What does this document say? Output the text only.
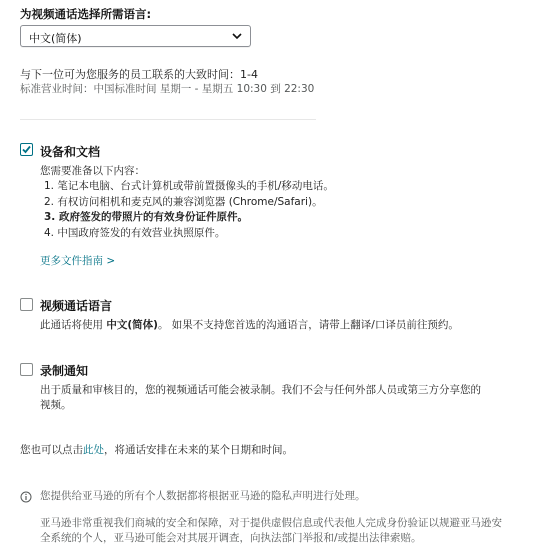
为视频通话选择所需语言:
中文(简体)
与下一位可为您服务的员工联系的大致时间：1-4
标准营业时间：中国标准时间 星期一 - 星期五 10:30 到 22:30
设备和文档
您需要准备以下内容：
1. 笔记本电脑、台式计算机或带前置摄像头的手机/移动电话。
2. 有权访问相机和麦克风的兼容浏览器 (Chrome/Safari)。
3. 政府签发的带照片的有效身份证件原件。
4. 中国政府签发的有效营业执照原件。
更多文件指南 >
视频通话语言
此通话将使用 中文(简体)。 如果不支持您首选的沟通语言，请带上翻译/口译员前往预约。
录制通知
出于质量和审核目的，您的视频通话可能会被录制。我们不会与任何外部人员或第三方分享您的
视频。
您也可以点击此处，将通话安排在未来的某个日期和时间。
您提供给亚马逊的所有个人数据都将根据亚马逊的隐私声明进行处理。
亚马逊非常重视我们商城的安全和保障，对于提供虚假信息或代表他人完成身份验证以规避亚马逊安
全系统的个人，亚马逊可能会对其展开调查，向执法部门举报和/或提出法律索赔。
